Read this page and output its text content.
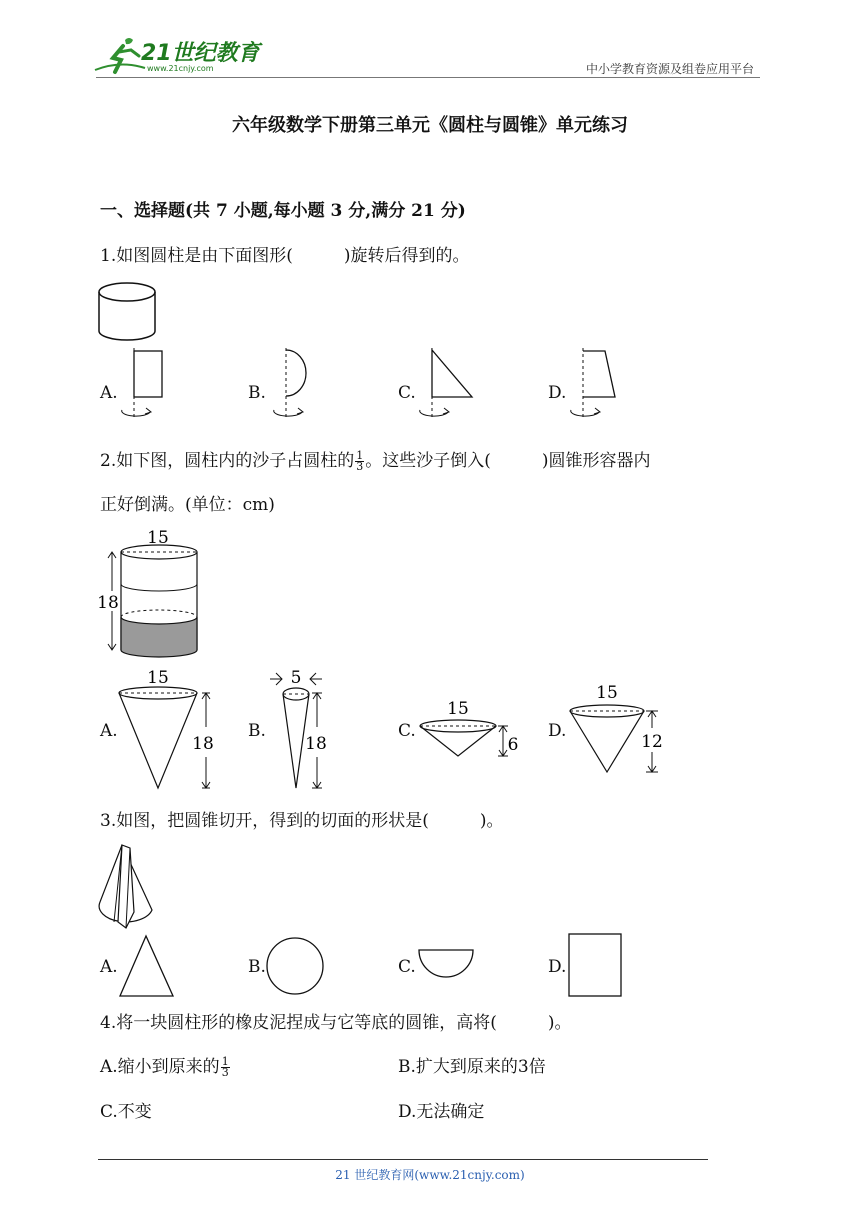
21世纪教育
www.21cnjy.com	中小学教育资源及组卷应用平台
六年级数学下册第三单元《圆柱与圆锥》单元练习
一、选择题(共 7 小题,每小题 3 分,满分 21 分)
1.如图圆柱是由下面图形(　　　)旋转后得到的。
A.	B.	C.	D.
2.如下图，圆柱内的沙子占圆柱的 $\frac{1}{3}$ 。这些沙子倒入(　　　)圆锥形容器内
正好倒满。(单位：cm)
15
18
A.
15
18
B.
5
18
C.
15
6
D.
15
12
3.如图，把圆锥切开，得到的切面的形状是(　　　)。
A.	B.	C.	D.
4.将一块圆柱形的橡皮泥捏成与它等底的圆锥，高将(　　　)。
A.缩小到原来的 $\frac{1}{3}$	B.扩大到原来的3倍
C.不变	D.无法确定
21 世纪教育网(www.21cnjy.com)
